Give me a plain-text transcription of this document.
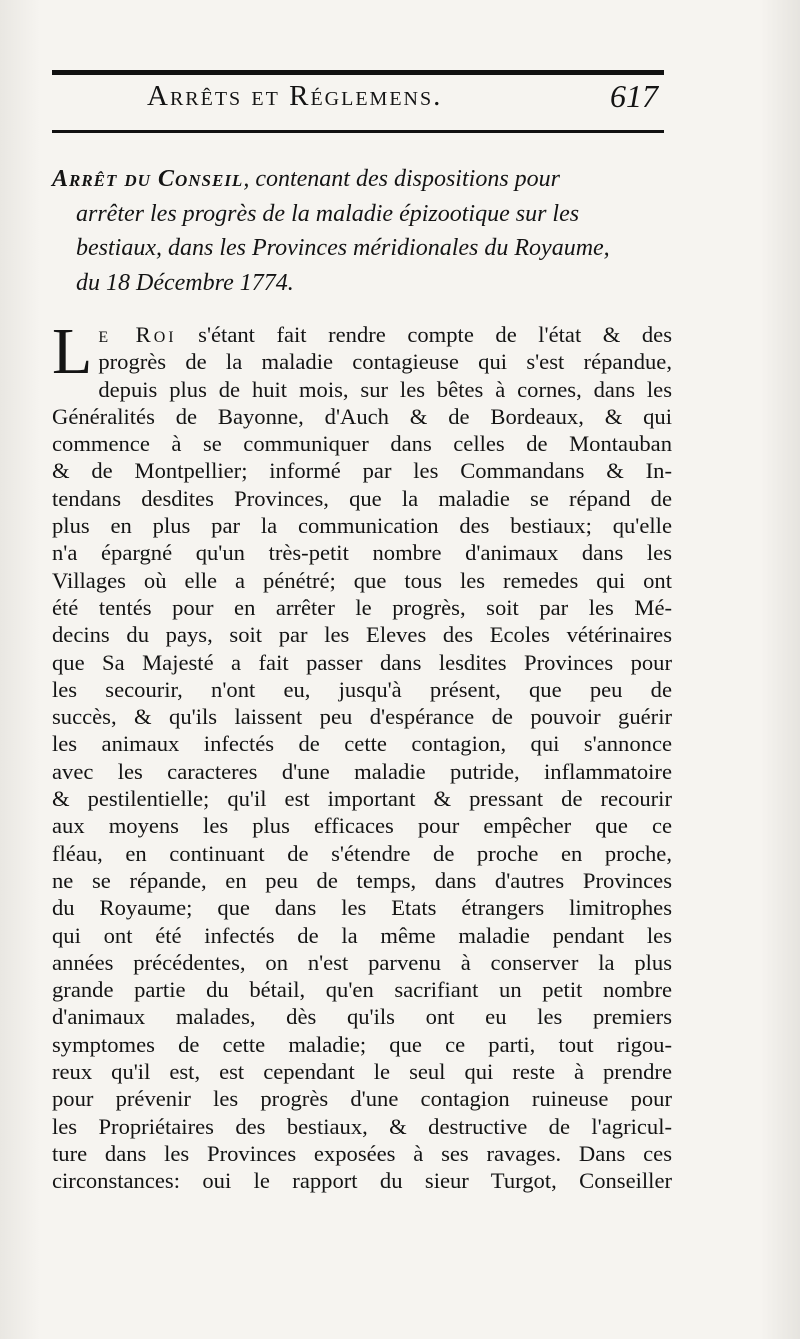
Arrêts et Réglemens.	617
Arrêt du Conseil, contenant des dispositions pour
arrêter les progrès de la maladie épizootique sur les
bestiaux, dans les Provinces méridionales du Royaume,
du 18 Décembre 1774.
L e Roi s'étant fait rendre compte de l'état & des
progrès de la maladie contagieuse qui s'est répandue,
depuis plus de huit mois, sur les bêtes à cornes, dans les
Généralités de Bayonne, d'Auch & de Bordeaux, & qui
commence à se communiquer dans celles de Montauban
& de Montpellier; informé par les Commandans & In-
tendans desdites Provinces, que la maladie se répand de
plus en plus par la communication des bestiaux; qu'elle
n'a épargné qu'un très-petit nombre d'animaux dans les
Villages où elle a pénétré; que tous les remedes qui ont
été tentés pour en arrêter le progrès, soit par les Mé-
decins du pays, soit par les Eleves des Ecoles vétérinaires
que Sa Majesté a fait passer dans lesdites Provinces pour
les secourir, n'ont eu, jusqu'à présent, que peu de
succès, & qu'ils laissent peu d'espérance de pouvoir guérir
les animaux infectés de cette contagion, qui s'annonce
avec les caracteres d'une maladie putride, inflammatoire
& pestilentielle; qu'il est important & pressant de recourir
aux moyens les plus efficaces pour empêcher que ce
fléau, en continuant de s'étendre de proche en proche,
ne se répande, en peu de temps, dans d'autres Provinces
du Royaume; que dans les Etats étrangers limitrophes
qui ont été infectés de la même maladie pendant les
années précédentes, on n'est parvenu à conserver la plus
grande partie du bétail, qu'en sacrifiant un petit nombre
d'animaux malades, dès qu'ils ont eu les premiers
symptomes de cette maladie; que ce parti, tout rigou-
reux qu'il est, est cependant le seul qui reste à prendre
pour prévenir les progrès d'une contagion ruineuse pour
les Propriétaires des bestiaux, & destructive de l'agricul-
ture dans les Provinces exposées à ses ravages. Dans ces
circonstances: oui le rapport du sieur Turgot, Conseiller
